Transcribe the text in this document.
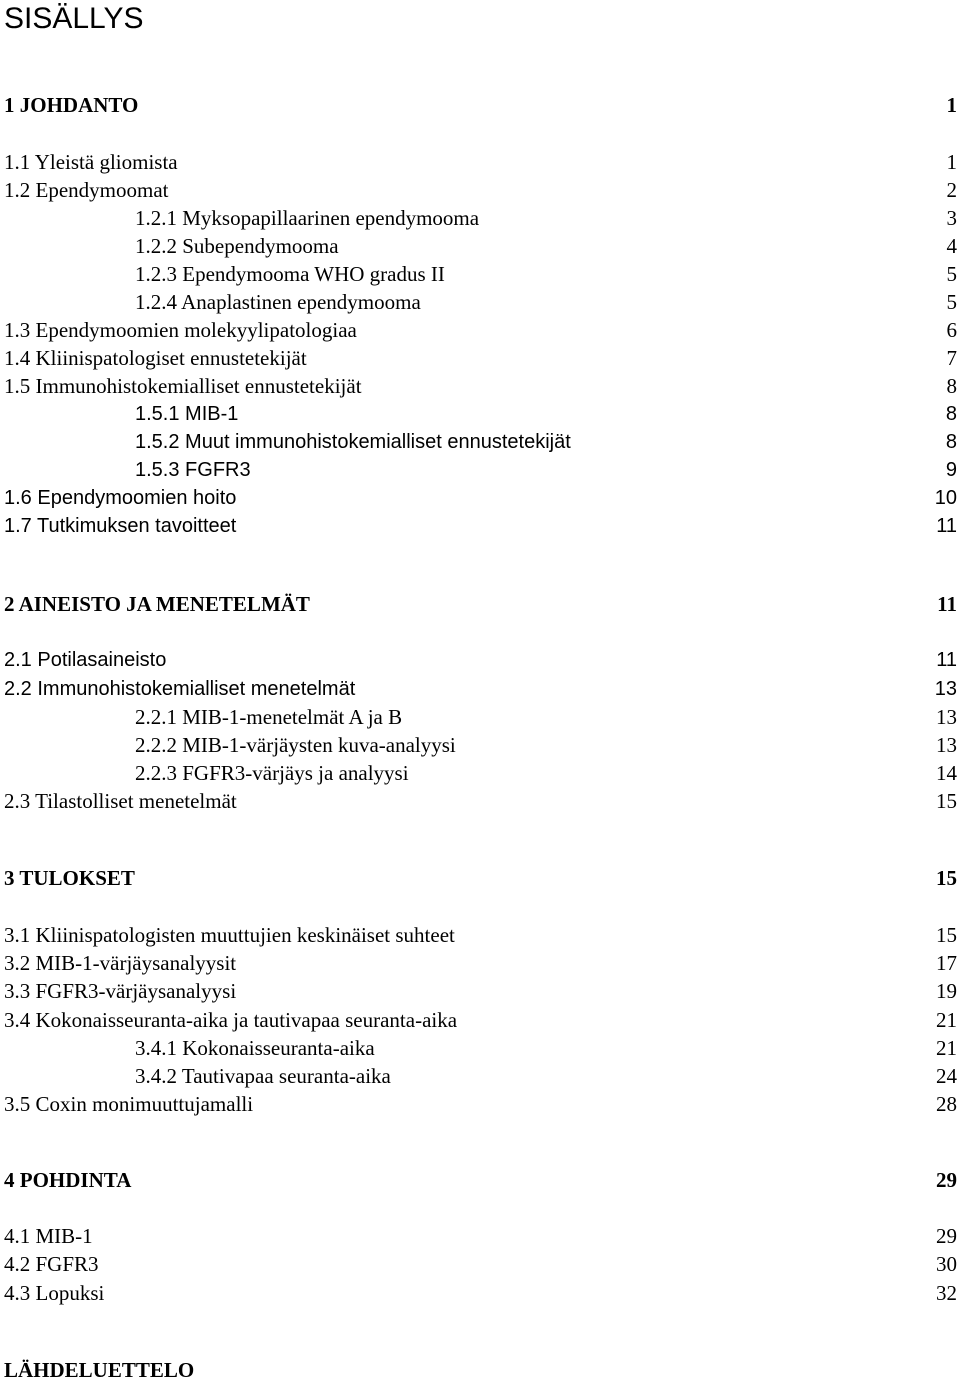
SISÄLLYS
1 JOHDANTO	1
1.1 Yleistä gliomista	1
1.2 Ependymoomat	2
1.2.1 Myksopapillaarinen ependymooma	3
1.2.2 Subependymooma	4
1.2.3 Ependymooma WHO gradus II	5
1.2.4 Anaplastinen ependymooma	5
1.3 Ependymoomien molekyylipatologiaa	6
1.4 Kliinispatologiset ennustetekijät	7
1.5 Immunohistokemialliset ennustetekijät	8
1.5.1 MIB-1	8
1.5.2 Muut immunohistokemialliset ennustetekijät	8
1.5.3 FGFR3	9
1.6 Ependymoomien hoito	10
1.7 Tutkimuksen tavoitteet	11
2 AINEISTO JA MENETELMÄT	11
2.1 Potilasaineisto	11
2.2 Immunohistokemialliset menetelmät	13
2.2.1 MIB-1-menetelmät A ja B	13
2.2.2 MIB-1-värjäysten kuva-analyysi	13
2.2.3 FGFR3-värjäys ja analyysi	14
2.3 Tilastolliset menetelmät	15
3 TULOKSET	15
3.1 Kliinispatologisten muuttujien keskinäiset suhteet	15
3.2 MIB-1-värjäysanalyysit	17
3.3 FGFR3-värjäysanalyysi	19
3.4 Kokonaisseuranta-aika ja tautivapaa seuranta-aika	21
3.4.1 Kokonaisseuranta-aika	21
3.4.2 Tautivapaa seuranta-aika	24
3.5 Coxin monimuuttujamalli	28
4 POHDINTA	29
4.1 MIB-1	29
4.2 FGFR3	30
4.3 Lopuksi	32
LÄHDELUETTELO
